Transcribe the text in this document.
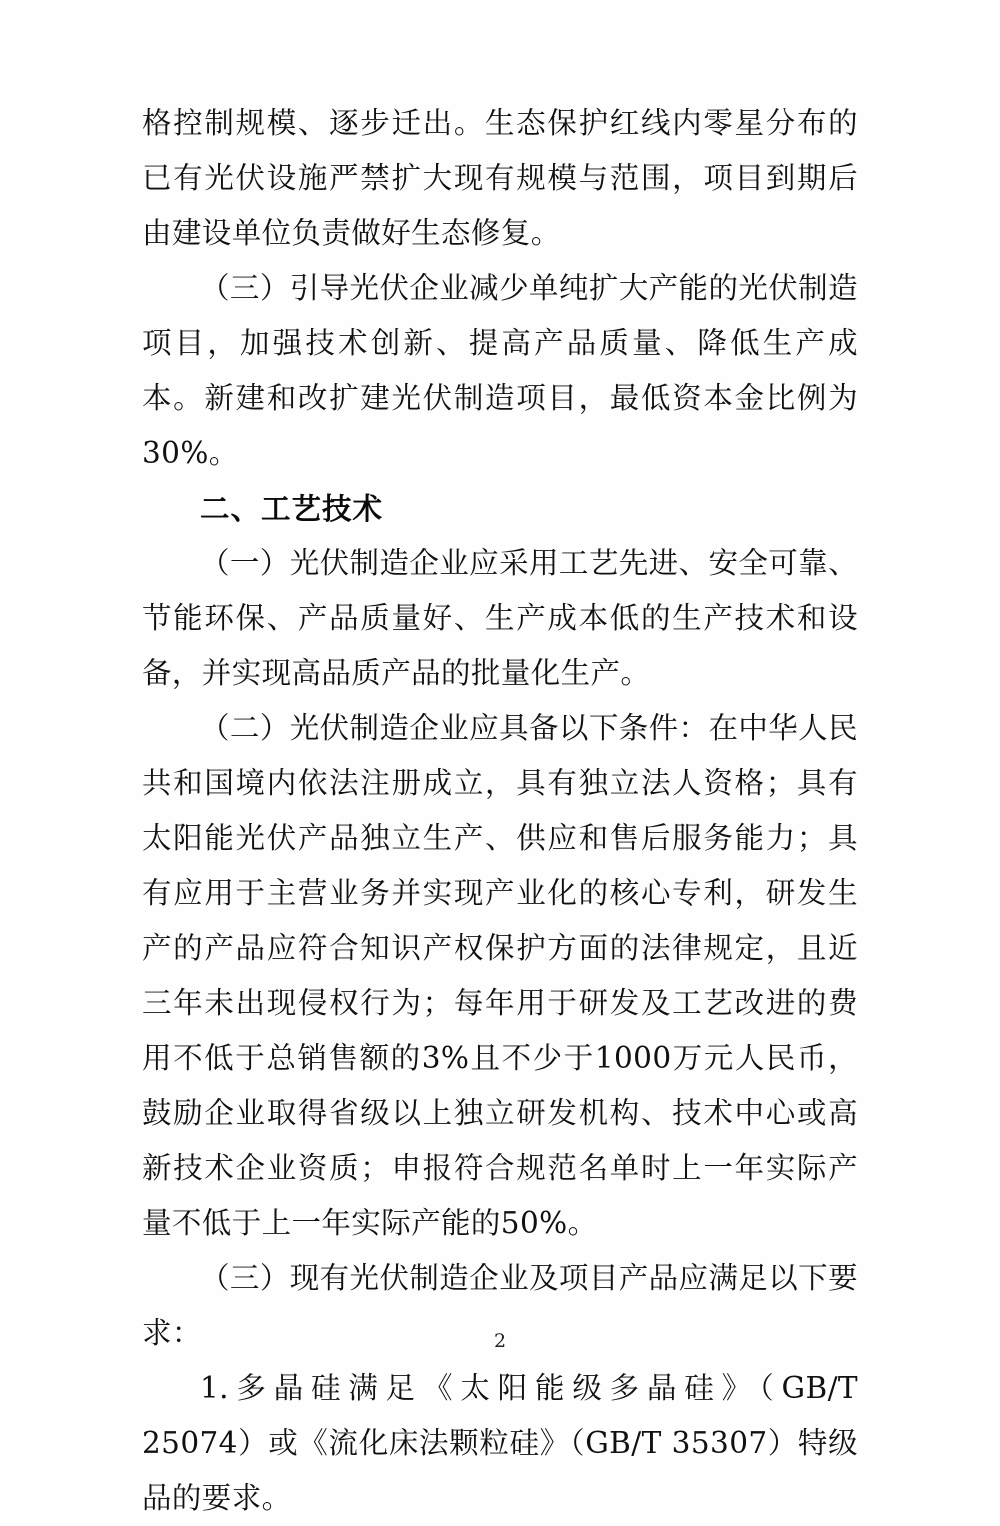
格控制规模、逐步迁出。生态保护红线内零星分布的已有光伏设施严禁扩大现有规模与范围，项目到期后由建设单位负责做好生态修复。

（三）引导光伏企业减少单纯扩大产能的光伏制造项目，加强技术创新、提高产品质量、降低生产成本。新建和改扩建光伏制造项目，最低资本金比例为30%。

二、工艺技术

（一）光伏制造企业应采用工艺先进、安全可靠、节能环保、产品质量好、生产成本低的生产技术和设备，并实现高品质产品的批量化生产。

（二）光伏制造企业应具备以下条件：在中华人民共和国境内依法注册成立，具有独立法人资格；具有太阳能光伏产品独立生产、供应和售后服务能力；具有应用于主营业务并实现产业化的核心专利，研发生产的产品应符合知识产权保护方面的法律规定，且近三年未出现侵权行为；每年用于研发及工艺改进的费用不低于总销售额的3%且不少于1000万元人民币，鼓励企业取得省级以上独立研发机构、技术中心或高新技术企业资质；申报符合规范名单时上一年实际产量不低于上一年实际产能的50%。

（三）现有光伏制造企业及项目产品应满足以下要求：

1.多晶硅满足《太阳能级多晶硅》（GB/T 25074）或《流化床法颗粒硅》（GB/T 35307）特级品的要求。

2
